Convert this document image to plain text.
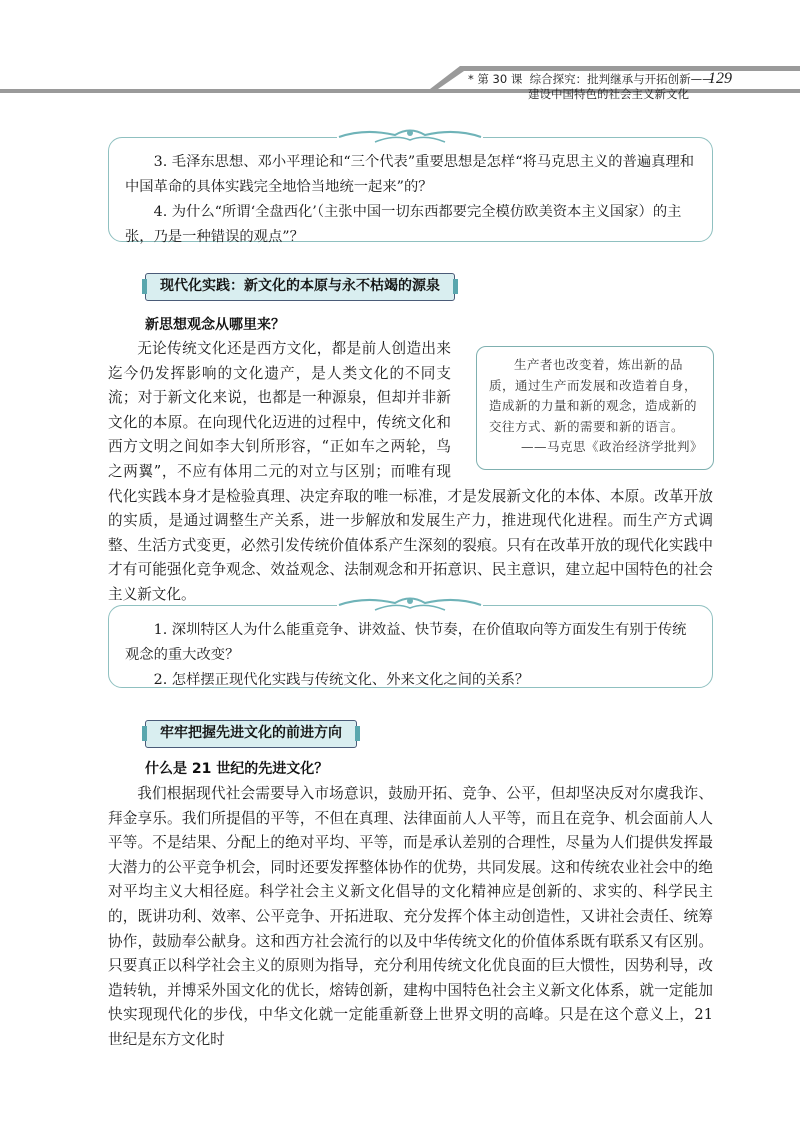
* 第 30 课 综合探究：批判继承与开拓创新——
建设中国特色的社会主义新文化
129

3. 毛泽东思想、邓小平理论和“三个代表”重要思想是怎样“将马克思主义的普遍真理和中国革命的具体实践完全地恰当地统一起来”的？

4. 为什么“所谓‘全盘西化’（主张中国一切东西都要完全模仿欧美资本主义国家）的主张，乃是一种错误的观点”？

现代化实践：新文化的本原与永不枯竭的源泉
新思想观念从哪里来？

无论传统文化还是西方文化，都是前人创造出来迄今仍发挥影响的文化遗产，是人类文化的不同支流；对于新文化来说，也都是一种源泉，但却并非新文化的本原。在向现代化迈进的过程中，传统文化和西方文明之间如李大钊所形容，“正如车之两轮，鸟之两翼”，不应有体用二元的对立与区别；而唯有现代化实践本身才是检验真理、决定弃取的唯一标准，才是发展新文化的本体、本原。改革开放的实质，是通过调整生产关系，进一步解放和发展生产力，推进现代化进程。而生产方式调整、生活方式变更，必然引发传统价值体系产生深刻的裂痕。只有在改革开放的现代化实践中才有可能强化竞争观念、效益观念、法制观念和开拓意识、民主意识，建立起中国特色的社会主义新文化。

生产者也改变着，炼出新的品质，通过生产而发展和改造着自身，造成新的力量和新的观念，造成新的交往方式、新的需要和新的语言。

——马克思《政治经济学批判》

1. 深圳特区人为什么能重竞争、讲效益、快节奏，在价值取向等方面发生有别于传统观念的重大改变？

2. 怎样摆正现代化实践与传统文化、外来文化之间的关系？

牢牢把握先进文化的前进方向
什么是 21 世纪的先进文化？

我们根据现代社会需要导入市场意识，鼓励开拓、竞争、公平，但却坚决反对尔虞我诈、拜金享乐。我们所提倡的平等，不但在真理、法律面前人人平等，而且在竞争、机会面前人人平等。不是结果、分配上的绝对平均、平等，而是承认差别的合理性，尽量为人们提供发挥最大潜力的公平竞争机会，同时还要发挥整体协作的优势，共同发展。这和传统农业社会中的绝对平均主义大相径庭。科学社会主义新文化倡导的文化精神应是创新的、求实的、科学民主的，既讲功利、效率、公平竞争、开拓进取、充分发挥个体主动创造性，又讲社会责任、统筹协作，鼓励奉公献身。这和西方社会流行的以及中华传统文化的价值体系既有联系又有区别。只要真正以科学社会主义的原则为指导，充分利用传统文化优良面的巨大惯性，因势利导，改造转轨，并博采外国文化的优长，熔铸创新，建构中国特色社会主义新文化体系，就一定能加快实现现代化的步伐，中华文化就一定能重新登上世界文明的高峰。只是在这个意义上，21 世纪是东方文化时
